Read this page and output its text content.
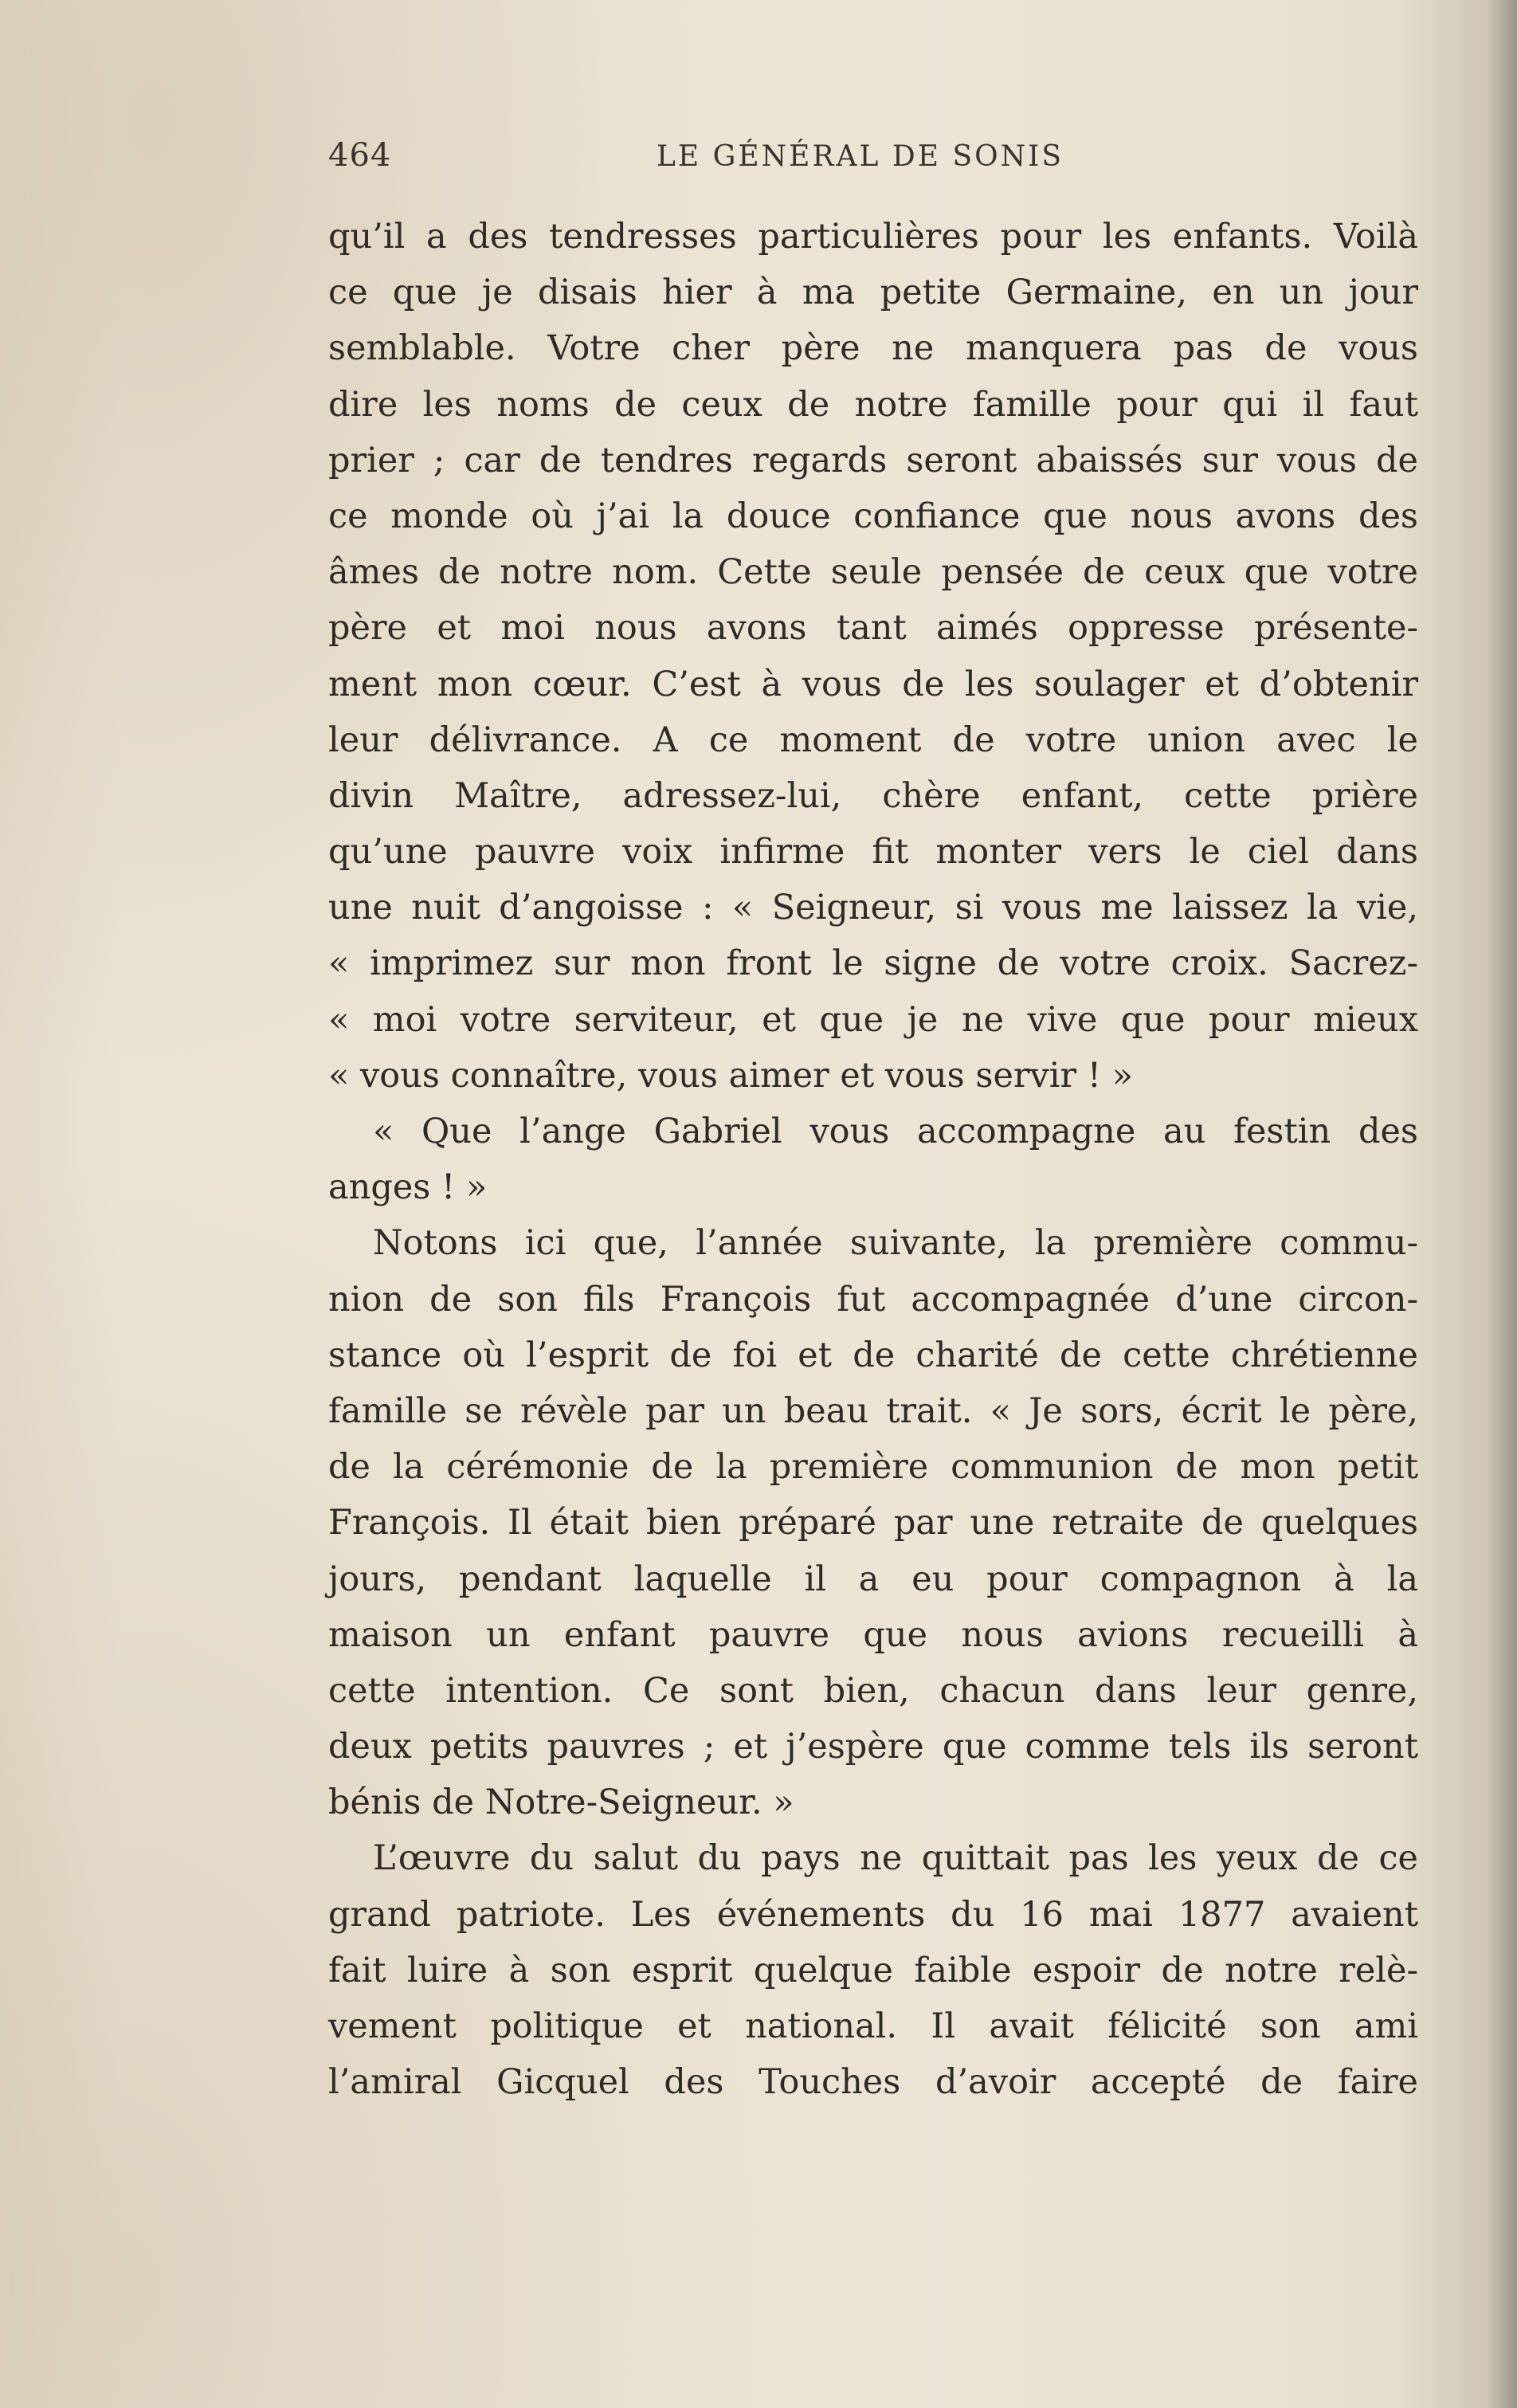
464	LE GÉNÉRAL DE SONIS
qu’il a des tendresses particulières pour les enfants. Voilà
ce que je disais hier à ma petite Germaine, en un jour
semblable. Votre cher père ne manquera pas de vous
dire les noms de ceux de notre famille pour qui il faut
prier ; car de tendres regards seront abaissés sur vous de
ce monde où j’ai la douce confiance que nous avons des
âmes de notre nom. Cette seule pensée de ceux que votre
père et moi nous avons tant aimés oppresse présente-
ment mon cœur. C’est à vous de les soulager et d’obtenir
leur délivrance. A ce moment de votre union avec le
divin Maître, adressez-lui, chère enfant, cette prière
qu’une pauvre voix infirme fit monter vers le ciel dans
une nuit d’angoisse : « Seigneur, si vous me laissez la vie,
« imprimez sur mon front le signe de votre croix. Sacrez-
« moi votre serviteur, et que je ne vive que pour mieux
« vous connaître, vous aimer et vous servir ! »
« Que l’ange Gabriel vous accompagne au festin des
anges ! »
Notons ici que, l’année suivante, la première commu-
nion de son fils François fut accompagnée d’une circon-
stance où l’esprit de foi et de charité de cette chrétienne
famille se révèle par un beau trait. « Je sors, écrit le père,
de la cérémonie de la première communion de mon petit
François. Il était bien préparé par une retraite de quelques
jours, pendant laquelle il a eu pour compagnon à la
maison un enfant pauvre que nous avions recueilli à
cette intention. Ce sont bien, chacun dans leur genre,
deux petits pauvres ; et j’espère que comme tels ils seront
bénis de Notre-Seigneur. »
L’œuvre du salut du pays ne quittait pas les yeux de ce
grand patriote. Les événements du 16 mai 1877 avaient
fait luire à son esprit quelque faible espoir de notre relè-
vement politique et national. Il avait félicité son ami
l’amiral Gicquel des Touches d’avoir accepté de faire
